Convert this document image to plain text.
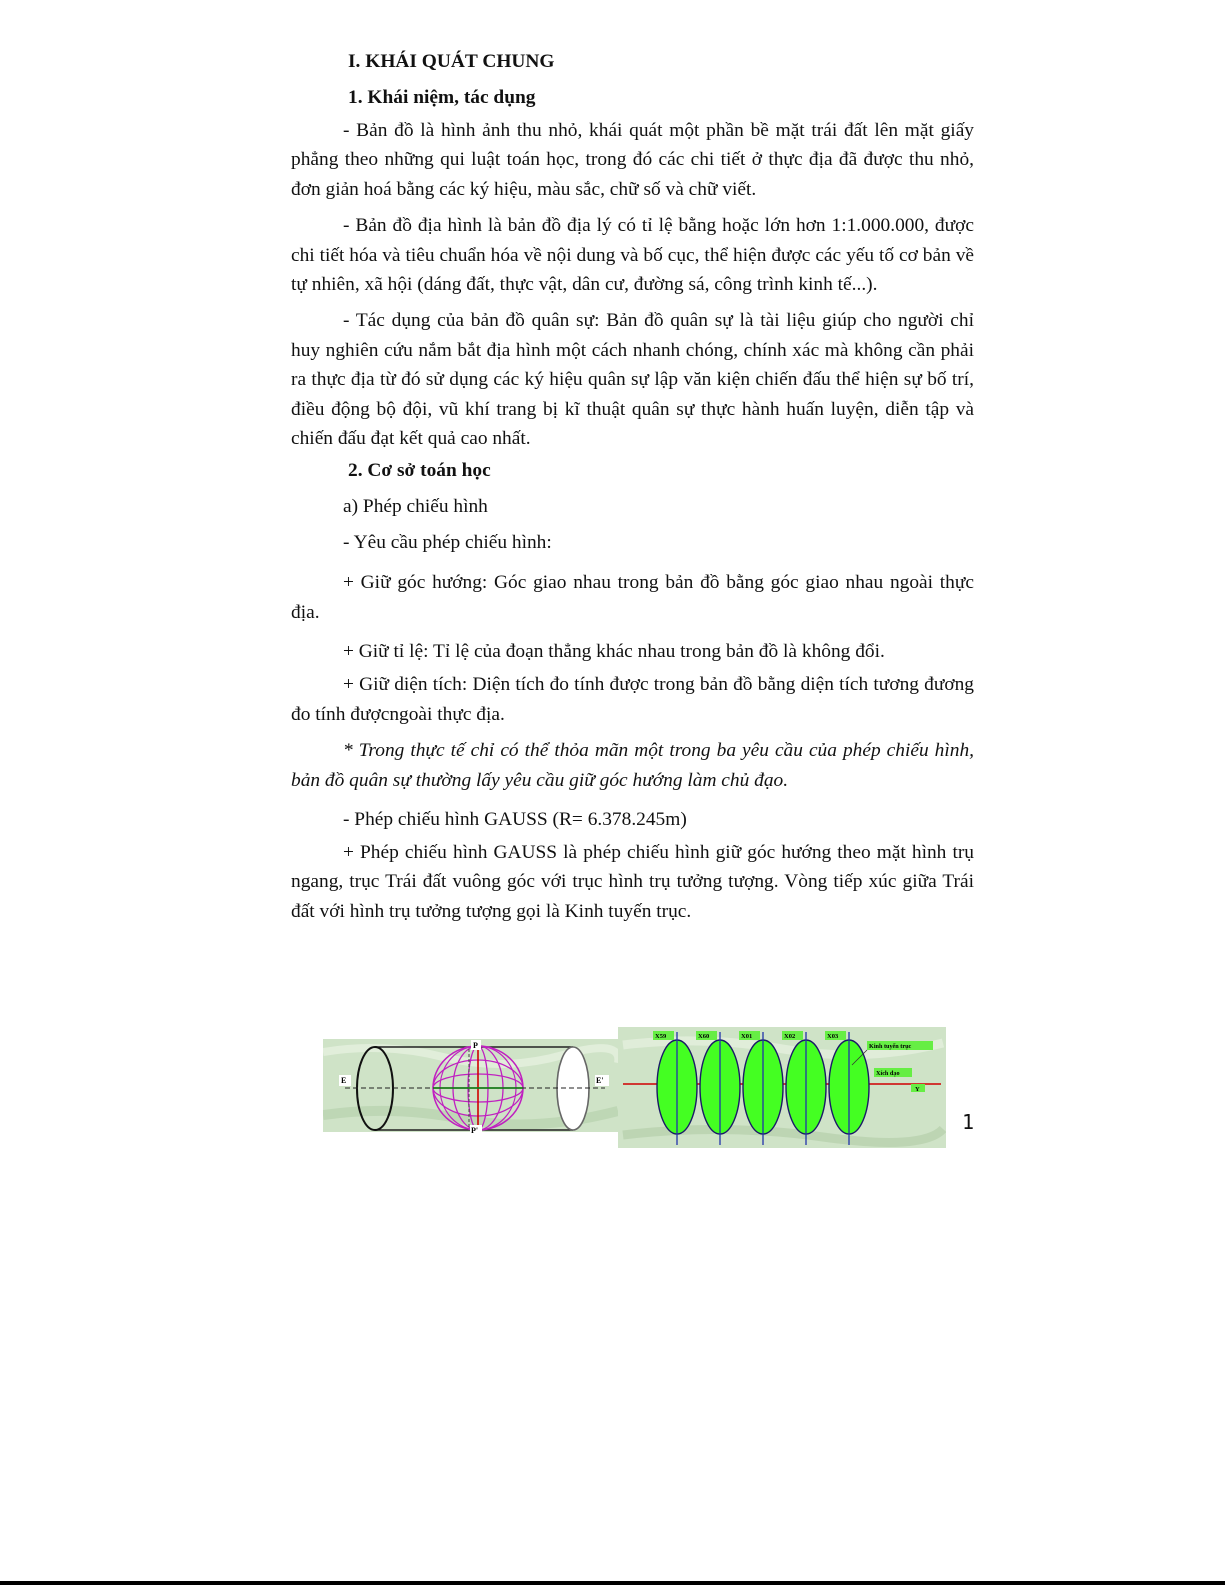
I. KHÁI QUÁT CHUNG

1. Khái niệm, tác dụng

- Bản đồ là hình ảnh thu nhỏ, khái quát một phần bề mặt trái đất lên mặt giấy phẳng theo những qui luật toán học, trong đó các chi tiết ở thực địa đã được thu nhỏ, đơn giản hoá bằng các ký hiệu, màu sắc, chữ số và chữ viết.

- Bản đồ địa hình là bản đồ địa lý có tỉ lệ bằng hoặc lớn hơn 1:1.000.000, được chi tiết hóa và tiêu chuẩn hóa về nội dung và bố cục, thể hiện được các yếu tố cơ bản về tự nhiên, xã hội (dáng đất, thực vật, dân cư, đường sá, công trình kinh tế...).

- Tác dụng của bản đồ quân sự: Bản đồ quân sự là tài liệu giúp cho người chỉ huy nghiên cứu nắm bắt địa hình một cách nhanh chóng, chính xác mà không cần phải ra thực địa từ đó sử dụng các ký hiệu quân sự lập văn kiện chiến đấu thể hiện sự bố trí, điều động bộ đội, vũ khí trang bị kĩ thuật quân sự thực hành huấn luyện, diễn tập và chiến đấu đạt kết quả cao nhất.

2. Cơ sở toán học

a) Phép chiếu hình

- Yêu cầu phép chiếu hình:

+ Giữ góc hướng: Góc giao nhau trong bản đồ bằng góc giao nhau ngoài thực địa.

+ Giữ tỉ lệ: Tỉ lệ của đoạn thẳng khác nhau trong bản đồ là không đổi.

+ Giữ diện tích: Diện tích đo tính được trong bản đồ bằng diện tích tương đương đo tính đượcngoài thực địa.

* Trong thực tế chỉ có thể thỏa mãn một trong ba yêu cầu của phép chiếu hình, bản đồ quân sự thường lấy yêu cầu giữ góc hướng làm chủ đạo.

- Phép chiếu hình GAUSS (R= 6.378.245m)

+ Phép chiếu hình GAUSS là phép chiếu hình giữ góc hướng theo mặt hình trụ ngang, trục Trái đất vuông góc với trục hình trụ tưởng tượng. Vòng tiếp xúc giữa Trái đất với hình trụ tưởng tượng gọi là Kinh tuyến trục.

P
P'
E	E'
X59	X60	X01	X02	X03
Kinh tuyến trục
Xích đạo
Y
1
